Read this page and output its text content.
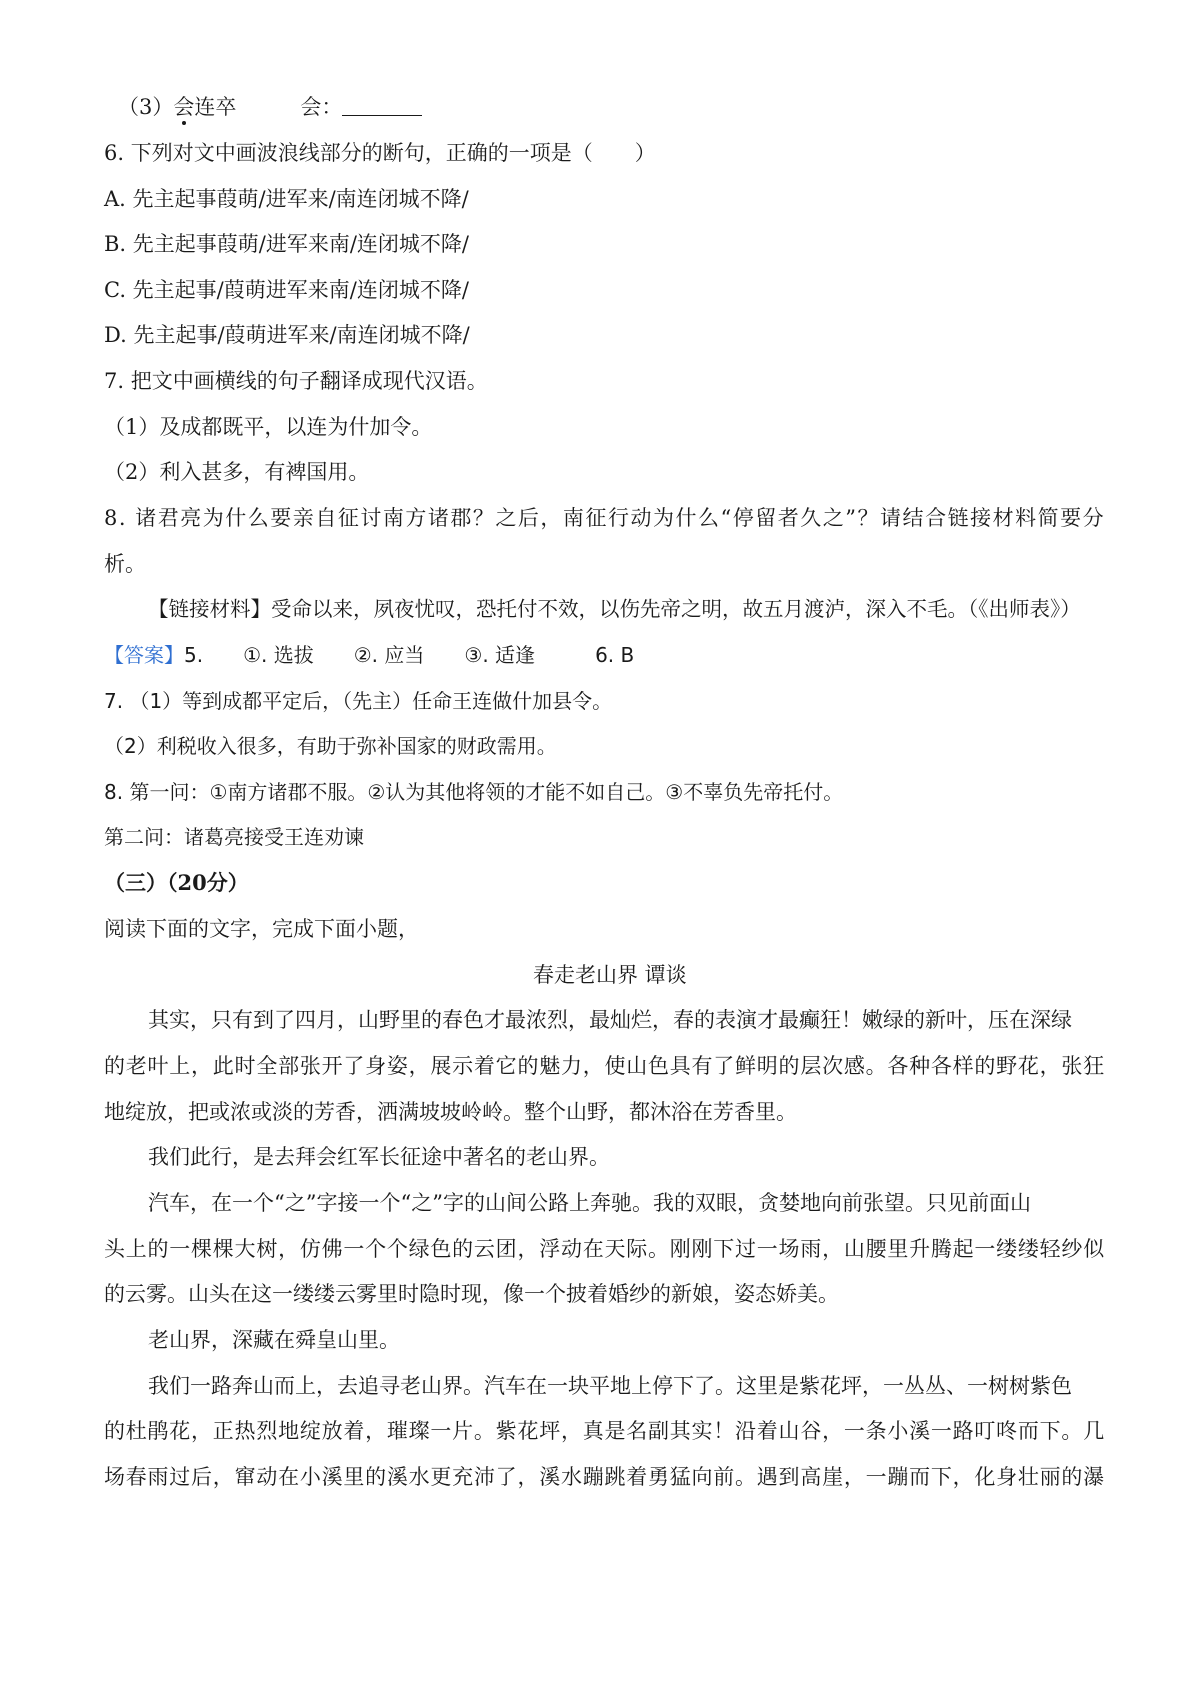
（3）会连卒	会：
6. 下列对文中画波浪线部分的断句，正确的一项是（　　）
A. 先主起事葭萌/进军来/南连闭城不降/
B. 先主起事葭萌/进军来南/连闭城不降/
C. 先主起事/葭萌进军来南/连闭城不降/
D. 先主起事/葭萌进军来/南连闭城不降/
7. 把文中画横线的句子翻译成现代汉语。
（1）及成都既平，以连为什加令。
（2）利入甚多，有裨国用。
8. 诸君亮为什么要亲自征讨南方诸郡？之后，南征行动为什么“停留者久之”？请结合链接材料简要分
析。
【链接材料】受命以来，夙夜忧叹，恐托付不效，以伤先帝之明，故五月渡泸，深入不毛。（《出师表》）
【答案】5. ①. 选拔 ②. 应当 ③. 适逢	6. B
7. （1）等到成都平定后，（先主）任命王连做什加县令。
（2）利税收入很多，有助于弥补国家的财政需用。
8. 第一问：①南方诸郡不服。②认为其他将领的才能不如自己。③不辜负先帝托付。
第二问：诸葛亮接受王连劝谏
（三）（20分）
阅读下面的文字，完成下面小题，
春走老山界 谭谈
其实，只有到了四月，山野里的春色才最浓烈，最灿烂，春的表演才最癫狂！嫩绿的新叶，压在深绿
的老叶上，此时全部张开了身姿，展示着它的魅力，使山色具有了鲜明的层次感。各种各样的野花，张狂
地绽放，把或浓或淡的芳香，洒满坡坡岭岭。整个山野，都沐浴在芳香里。
我们此行，是去拜会红军长征途中著名的老山界。
汽车，在一个“之”字接一个“之”字的山间公路上奔驰。我的双眼，贪婪地向前张望。只见前面山
头上的一棵棵大树，仿佛一个个绿色的云团，浮动在天际。刚刚下过一场雨，山腰里升腾起一缕缕轻纱似
的云雾。山头在这一缕缕云雾里时隐时现，像一个披着婚纱的新娘，姿态娇美。
老山界，深藏在舜皇山里。
我们一路奔山而上，去追寻老山界。汽车在一块平地上停下了。这里是紫花坪，一丛丛、一树树紫色
的杜鹃花，正热烈地绽放着，璀璨一片。紫花坪，真是名副其实！沿着山谷，一条小溪一路叮咚而下。几
场春雨过后，窜动在小溪里的溪水更充沛了，溪水蹦跳着勇猛向前。遇到高崖，一蹦而下，化身壮丽的瀑
